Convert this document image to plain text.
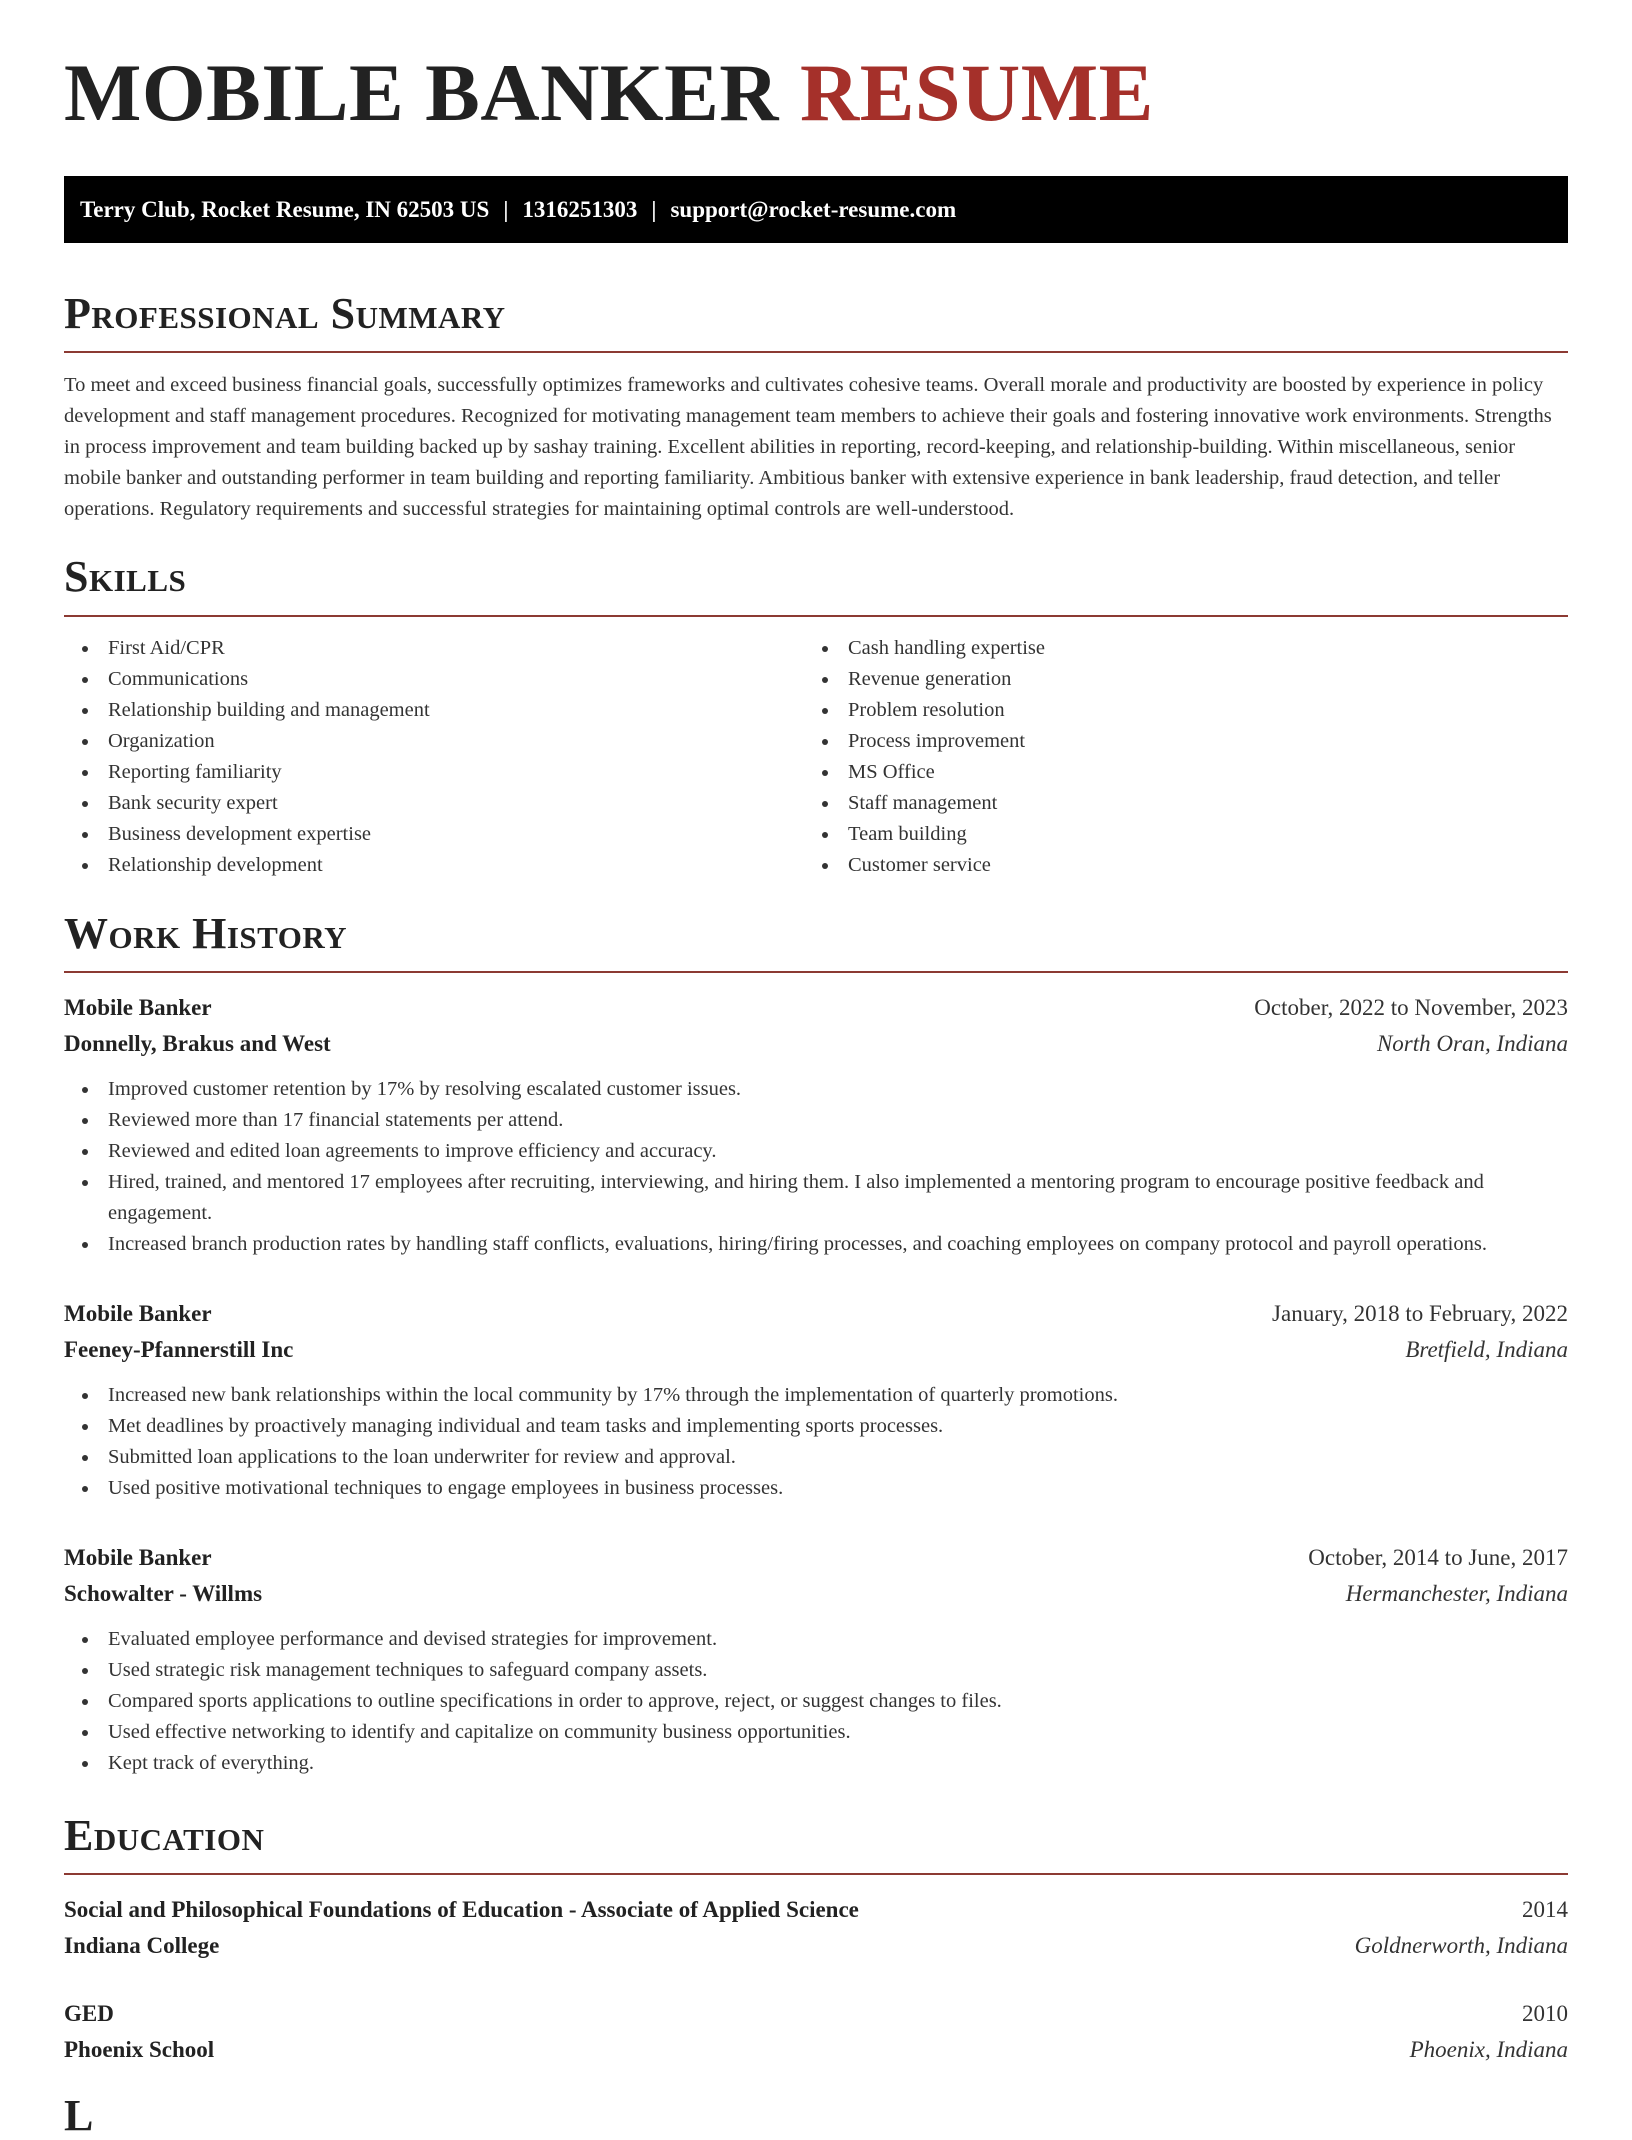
MOBILE BANKER RESUME
Terry Club, Rocket Resume, IN 62503 US | 1316251303 | support@rocket-resume.com
Professional Summary

To meet and exceed business financial goals, successfully optimizes frameworks and cultivates cohesive teams. Overall morale and productivity are boosted by experience in policy development and staff management procedures. Recognized for motivating management team members to achieve their goals and fostering innovative work environments. Strengths in process improvement and team building backed up by sashay training. Excellent abilities in reporting, record-keeping, and relationship-building. Within miscellaneous, senior mobile banker and outstanding performer in team building and reporting familiarity. Ambitious banker with extensive experience in bank leadership, fraud detection, and teller operations. Regulatory requirements and successful strategies for maintaining optimal controls are well-understood.

Skills
First Aid/CPR
Communications
Relationship building and management
Organization
Reporting familiarity
Bank security expert
Business development expertise
Relationship development
Cash handling expertise
Revenue generation
Problem resolution
Process improvement
MS Office
Staff management
Team building
Customer service
Work History
Mobile Banker	October, 2022 to November, 2023
Donnelly, Brakus and West	North Oran, Indiana
Improved customer retention by 17% by resolving escalated customer issues.
Reviewed more than 17 financial statements per attend.
Reviewed and edited loan agreements to improve efficiency and accuracy.
Hired, trained, and mentored 17 employees after recruiting, interviewing, and hiring them. I also implemented a mentoring program to encourage positive feedback and engagement.
Increased branch production rates by handling staff conflicts, evaluations, hiring/firing processes, and coaching employees on company protocol and payroll operations.
Mobile Banker	January, 2018 to February, 2022
Feeney-Pfannerstill Inc	Bretfield, Indiana
Increased new bank relationships within the local community by 17% through the implementation of quarterly promotions.
Met deadlines by proactively managing individual and team tasks and implementing sports processes.
Submitted loan applications to the loan underwriter for review and approval.
Used positive motivational techniques to engage employees in business processes.
Mobile Banker	October, 2014 to June, 2017
Schowalter - Willms	Hermanchester, Indiana
Evaluated employee performance and devised strategies for improvement.
Used strategic risk management techniques to safeguard company assets.
Compared sports applications to outline specifications in order to approve, reject, or suggest changes to files.
Used effective networking to identify and capitalize on community business opportunities.
Kept track of everything.
Education
Social and Philosophical Foundations of Education - Associate of Applied Science	2014
Indiana College	Goldnerworth, Indiana
GED	2010
Phoenix School	Phoenix, Indiana
L
